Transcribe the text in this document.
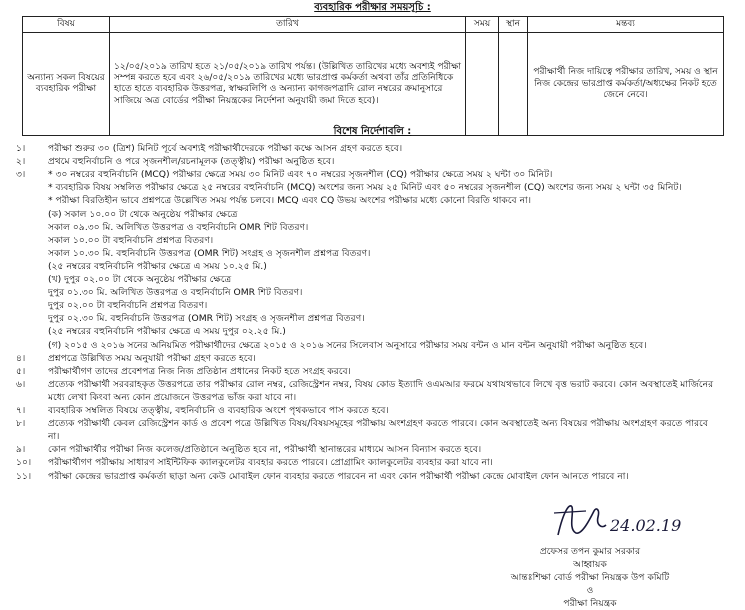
ব্যবহারিক পরীক্ষার সময়সূচি :
বিষয়	তারিখ	সময়	স্থান	মন্তব্য
অন্যান্য সকল বিষয়ের ব্যবহারিক পরীক্ষা	১২/০৫/২০১৯ তারিখ হতে ২১/০৫/২০১৯ তারিখ পর্যন্ত। (উল্লিখিত তারিখের মধ্যে অবশ্যই পরীক্ষা সম্পন্ন করতে হবে এবং ২৬/০৫/২০১৯ তারিখের মধ্যে ভারপ্রাপ্ত কর্মকর্তা অথবা তাঁর প্রতিনিধিকে হাতে হাতে ব্যবহারিক উত্তরপত্র, স্বাক্ষরলিপি ও অন্যান্য কাগজপত্রাদি রোল নম্বরের ক্রমানুসারে সাজিয়ে অত্র বোর্ডের পরীক্ষা নিয়ন্ত্রকের নির্দেশনা অনুযায়ী জমা দিতে হবে)।			পরীক্ষার্থী নিজ দায়িত্বে পরীক্ষার তারিখ, সময় ও স্থান নিজ কেন্দ্রের ভারপ্রাপ্ত কর্মকর্তা/অধ্যক্ষের নিকট হতে জেনে নেবে।
বিশেষ নির্দেশাবলি :
১।	পরীক্ষা শুরুর ৩০ (ত্রিশ) মিনিট পূর্বে অবশ্যই পরীক্ষার্থীদেরকে পরীক্ষা কক্ষে আসন গ্রহণ করতে হবে।
২।	প্রথমে বহুনির্বাচনি ও পরে সৃজনশীল/রচনামূলক (তত্ত্বীয়) পরীক্ষা অনুষ্ঠিত হবে।
৩।	* ৩০ নম্বরের বহুনির্বাচনি (MCQ) পরীক্ষার ক্ষেত্রে সময় ৩০ মিনিট এবং ৭০ নম্বরের সৃজনশীল (CQ) পরীক্ষার ক্ষেত্রে সময় ২ ঘন্টা ৩০ মিনিট।
* ব্যবহারিক বিষয় সম্বলিত পরীক্ষার ক্ষেত্রে ২৫ নম্বরের বহুনির্বাচনি (MCQ) অংশের জন্য সময় ২৫ মিনিট এবং ৫০ নম্বরের সৃজনশীল (CQ) অংশের জন্য সময় ২ ঘন্টা ৩৫ মিনিট।
* পরীক্ষা বিরতিহীন ভাবে প্রশ্নপত্রে উল্লেখিত সময় পর্যন্ত চলবে। MCQ এবং CQ উভয় অংশের পরীক্ষার মধ্যে কোনো বিরতি থাকবে না।
(ক) সকাল ১০.০০ টা থেকে অনুষ্ঠেয় পরীক্ষার ক্ষেত্রে
সকাল ০৯.৩০ মি. অলিখিত উত্তরপত্র ও বহুনির্বাচনি OMR শিট বিতরণ।
সকাল ১০.০০ টা বহুনির্বাচনি প্রশ্নপত্র বিতরণ।
সকাল ১০.৩০ মি. বহুনির্বাচনি উত্তরপত্র (OMR শিট) সংগ্রহ ও সৃজনশীল প্রশ্নপত্র বিতরণ।
(২৫ নম্বরের বহুনির্বাচনি পরীক্ষার ক্ষেত্রে এ সময় ১০.২৫ মি.)
(খ) দুপুর ০২.০০ টা থেকে অনুষ্ঠেয় পরীক্ষার ক্ষেত্রে
দুপুর ০১.৩০ মি. অলিখিত উত্তরপত্র ও বহুনির্বাচনি OMR শিট বিতরণ।
দুপুর ০২.০০ টা বহুনির্বাচনি প্রশ্নপত্র বিতরণ।
দুপুর ০২.৩০ মি. বহুনির্বাচনি উত্তরপত্র (OMR শিট) সংগ্রহ ও সৃজনশীল প্রশ্নপত্র বিতরণ।
(২৫ নম্বরের বহুনির্বাচনি পরীক্ষার ক্ষেত্রে এ সময় দুপুর ০২.২৫ মি.)
(গ) ২০১৫ ও ২০১৬ সনের অনিয়মিত পরীক্ষার্থীদের ক্ষেত্রে ২০১৫ ও ২০১৬ সনের সিলেবাস অনুসারে পরীক্ষার সময় বন্টন ও মান বন্টন অনুযায়ী পরীক্ষা অনুষ্ঠিত হবে।
৪।	প্রশ্নপত্রে উল্লিখিত সময় অনুযায়ী পরীক্ষা গ্রহণ করতে হবে।
৫।	পরীক্ষার্থীগণ তাদের প্রবেশপত্র নিজ নিজ প্রতিষ্ঠান প্রধানের নিকট হতে সংগ্রহ করবে।
৬।	প্রত্যেক পরীক্ষার্থী সরবরাহকৃত উত্তরপত্রে তার পরীক্ষার রোল নম্বর, রেজিস্ট্রেশন নম্বর, বিষয় কোড ইত্যাদি ওএমআর ফরমে যথাযথভাবে লিখে বৃত্ত ভরাট করবে। কোন অবস্থাতেই মার্জিনের
মধ্যে লেখা কিংবা অন্য কোন প্রয়োজনে উত্তরপত্র ভাঁজ করা যাবে না।
৭।	ব্যবহারিক সম্বলিত বিষয়ে তত্ত্বীয়, বহুনির্বাচনি ও ব্যবহারিক অংশে পৃথকভাবে পাস করতে হবে।
৮।	প্রত্যেক পরীক্ষার্থী কেবল রেজিস্ট্রেশন কার্ড ও প্রবেশ পত্রে উল্লিখিত বিষয়/বিষয়সমূহের পরীক্ষায় অংশগ্রহণ করতে পারবে। কোন অবস্থাতেই অন্য বিষয়ের পরীক্ষায় অংশগ্রহণ করতে পারবে
না।
৯।	কোন পরীক্ষার্থীর পরীক্ষা নিজ কলেজ/প্রতিষ্ঠানে অনুষ্ঠিত হবে না, পরীক্ষার্থী স্থানান্তরের মাধ্যমে আসন বিন্যাস করতে হবে।
১০।	পরীক্ষার্থীগণ পরীক্ষায় সাধারণ সাইন্টিফিক ক্যালকুলেটর ব্যবহার করতে পারবে। প্রোগ্রামিং ক্যালকুলেটর ব্যবহার করা যাবে না।
১১।	পরীক্ষা কেন্দ্রের ভারপ্রাপ্ত কর্মকর্তা ছাড়া অন্য কেউ মোবাইল ফোন ব্যবহার করতে পারবেন না এবং কোন পরীক্ষার্থী পরীক্ষা কেন্দ্রে মোবাইল ফোন আনতে পারবে না।
24.02.19
প্রফেসর তপন কুমার সরকার
আহ্বায়ক
আন্তঃশিক্ষা বোর্ড পরীক্ষা নিয়ন্ত্রক উপ কমিটি
ও
পরীক্ষা নিয়ন্ত্রক
